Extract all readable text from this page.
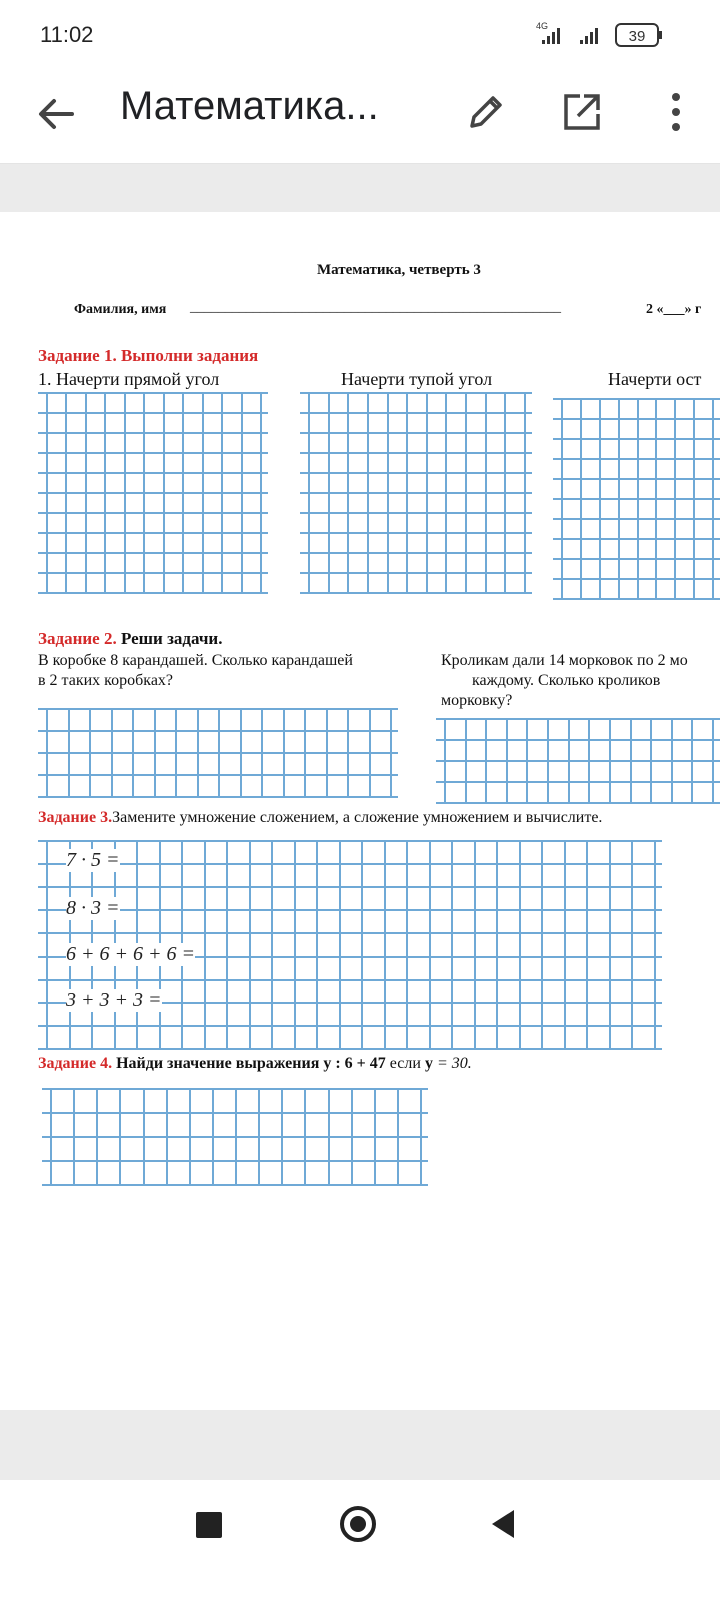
11:02	4G
39
Математика...
Математика, четверть 3
Фамилия, имя _____________________________________________________	2 «___» г
Задание 1. Выполни задания
1. Начерти прямой угол	Начерти тупой угол	Начерти ост
Задание 2. Реши задачи.
В коробке 8 карандашей. Сколько карандашей
в 2 таких коробках?
Кроликам дали 14 морковок по 2 мо
каждому. Сколько кроликов
морковку?
Задание 3.Замените умножение сложением, а сложение умножением и вычислите.
7 · 5 =
8 · 3 =
6 + 6 + 6 + 6 =
3 + 3 + 3 =
Задание 4. Найди значение выражения y : 6 + 47 если y = 30.
